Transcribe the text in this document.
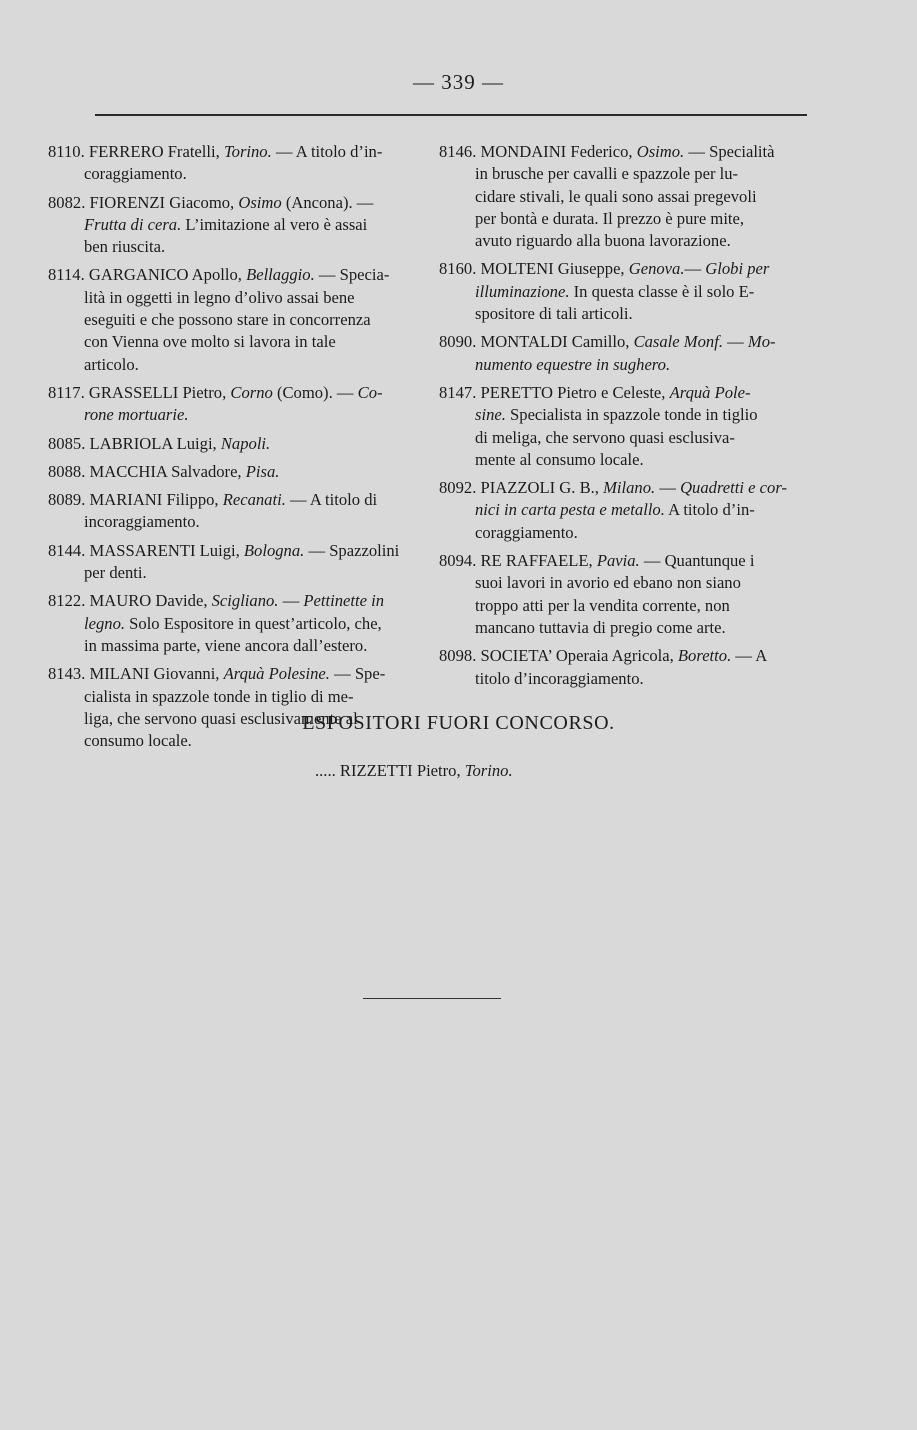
— 339 —
8110. FERRERO Fratelli, Torino. — A titolo d’in-
coraggiamento.
8082. FIORENZI Giacomo, Osimo (Ancona). —
Frutta di cera. L’imitazione al vero è assai
ben riuscita.
8114. GARGANICO Apollo, Bellaggio. — Specia-
lità in oggetti in legno d’olivo assai bene
eseguiti e che possono stare in concorrenza
con Vienna ove molto si lavora in tale
articolo.
8117. GRASSELLI Pietro, Corno (Como). — Co-
rone mortuarie.
8085. LABRIOLA Luigi, Napoli.
8088. MACCHIA Salvadore, Pisa.
8089. MARIANI Filippo, Recanati. — A titolo di
incoraggiamento.
8144. MASSARENTI Luigi, Bologna. — Spazzolini
per denti.
8122. MAURO Davide, Scigliano. — Pettinette in
legno. Solo Espositore in quest’articolo, che,
in massima parte, viene ancora dall’estero.
8143. MILANI Giovanni, Arquà Polesine. — Spe-
cialista in spazzole tonde in tiglio di me-
liga, che servono quasi esclusivamente al
consumo locale.
8146. MONDAINI Federico, Osimo. — Specialità
in brusche per cavalli e spazzole per lu-
cidare stivali, le quali sono assai pregevoli
per bontà e durata. Il prezzo è pure mite,
avuto riguardo alla buona lavorazione.
8160. MOLTENI Giuseppe, Genova.— Globi per
illuminazione. In questa classe è il solo E-
spositore di tali articoli.
8090. MONTALDI Camillo, Casale Monf. — Mo-
numento equestre in sughero.
8147. PERETTO Pietro e Celeste, Arquà Pole-
sine. Specialista in spazzole tonde in tiglio
di meliga, che servono quasi esclusiva-
mente al consumo locale.
8092. PIAZZOLI G. B., Milano. — Quadretti e cor-
nici in carta pesta e metallo. A titolo d’in-
coraggiamento.
8094. RE RAFFAELE, Pavia. — Quantunque i
suoi lavori in avorio ed ebano non siano
troppo atti per la vendita corrente, non
mancano tuttavia di pregio come arte.
8098. SOCIETA’ Operaia Agricola, Boretto. — A
titolo d’incoraggiamento.
ESPOSITORI FUORI CONCORSO.
..... RIZZETTI Pietro, Torino.
